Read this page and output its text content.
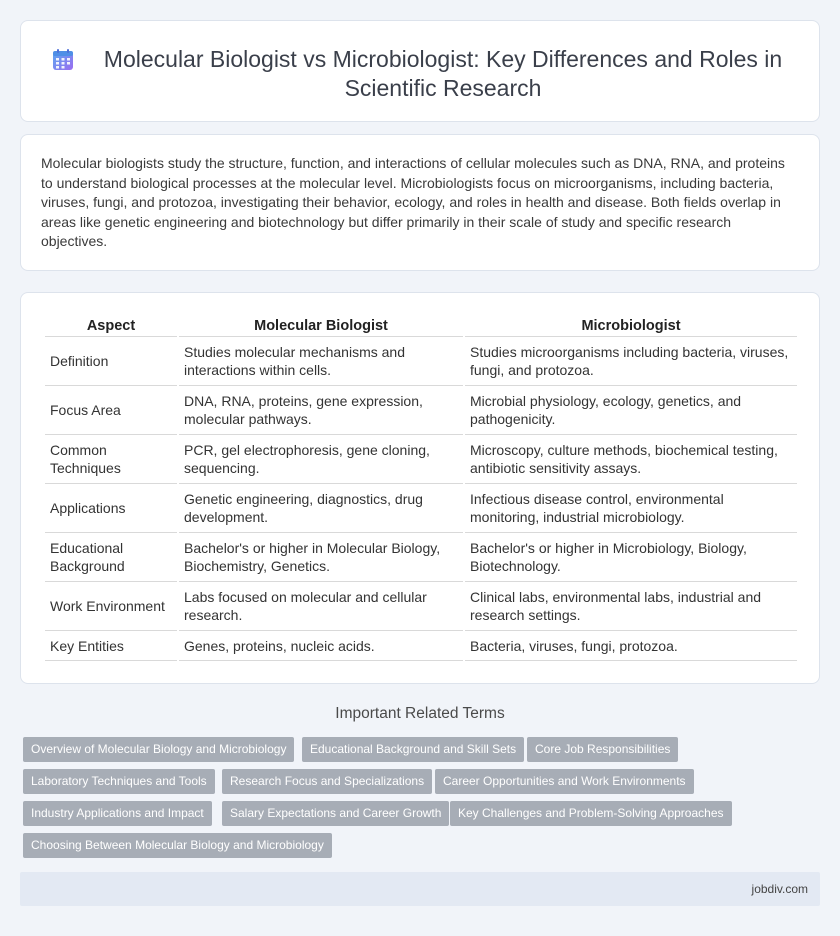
Molecular Biologist vs Microbiologist: Key Differences and Roles in Scientific Research

Molecular biologists study the structure, function, and interactions of cellular molecules such as DNA, RNA, and proteins to understand biological processes at the molecular level. Microbiologists focus on microorganisms, including bacteria, viruses, fungi, and protozoa, investigating their behavior, ecology, and roles in health and disease. Both fields overlap in areas like genetic engineering and biotechnology but differ primarily in their scale of study and specific research objectives.

Aspect	Molecular Biologist	Microbiologist
Definition	Studies molecular mechanisms and interactions within cells.	Studies microorganisms including bacteria, viruses, fungi, and protozoa.
Focus Area	DNA, RNA, proteins, gene expression, molecular pathways.	Microbial physiology, ecology, genetics, and pathogenicity.
Common Techniques	PCR, gel electrophoresis, gene cloning, sequencing.	Microscopy, culture methods, biochemical testing, antibiotic sensitivity assays.
Applications	Genetic engineering, diagnostics, drug development.	Infectious disease control, environmental monitoring, industrial microbiology.
Educational Background	Bachelor's or higher in Molecular Biology, Biochemistry, Genetics.	Bachelor's or higher in Microbiology, Biology, Biotechnology.
Work Environment	Labs focused on molecular and cellular research.	Clinical labs, environmental labs, industrial and research settings.
Key Entities	Genes, proteins, nucleic acids.	Bacteria, viruses, fungi, protozoa.
Important Related Terms
Overview of Molecular Biology and Microbiology	Educational Background and Skill Sets	Core Job Responsibilities
Laboratory Techniques and Tools	Research Focus and Specializations	Career Opportunities and Work Environments
Industry Applications and Impact	Salary Expectations and Career Growth	Key Challenges and Problem-Solving Approaches
Choosing Between Molecular Biology and Microbiology
jobdiv.com
